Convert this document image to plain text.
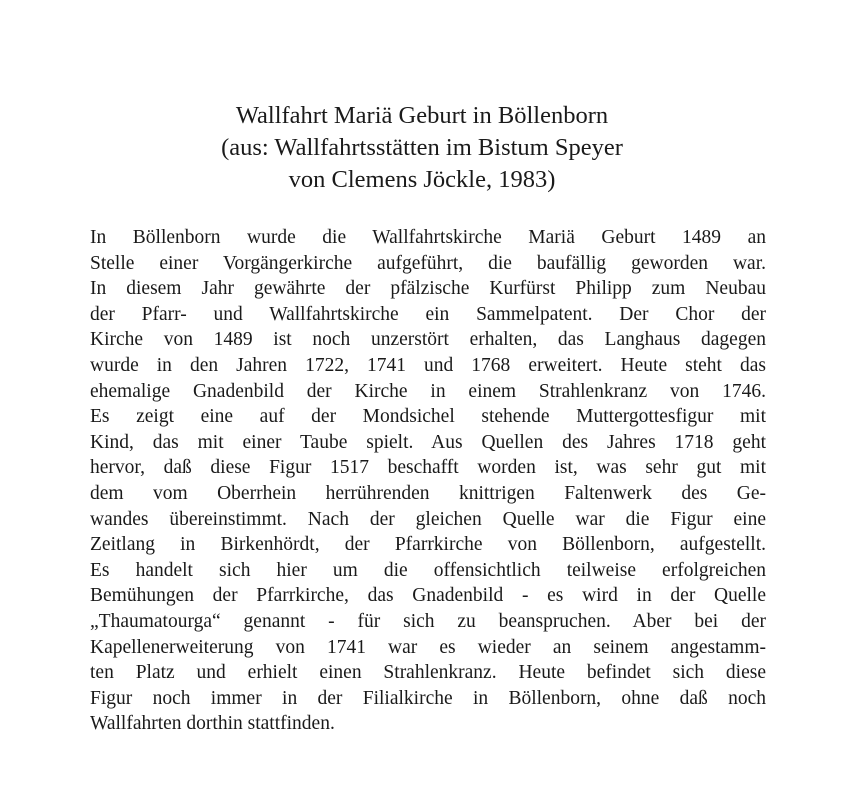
Wallfahrt Mariä Geburt in Böllenborn
(aus: Wallfahrtsstätten im Bistum Speyer
von Clemens Jöckle, 1983)
In Böllenborn wurde die Wallfahrtskirche Mariä Geburt 1489 an
Stelle einer Vorgängerkirche aufgeführt, die baufällig geworden war.
In diesem Jahr gewährte der pfälzische Kurfürst Philipp zum Neubau
der Pfarr- und Wallfahrtskirche ein Sammelpatent. Der Chor der
Kirche von 1489 ist noch unzerstört erhalten, das Langhaus dagegen
wurde in den Jahren 1722, 1741 und 1768 erweitert. Heute steht das
ehemalige Gnadenbild der Kirche in einem Strahlenkranz von 1746.
Es zeigt eine auf der Mondsichel stehende Muttergottesfigur mit
Kind, das mit einer Taube spielt. Aus Quellen des Jahres 1718 geht
hervor, daß diese Figur 1517 beschafft worden ist, was sehr gut mit
dem vom Oberrhein herrührenden knittrigen Faltenwerk des Ge-
wandes übereinstimmt. Nach der gleichen Quelle war die Figur eine
Zeitlang in Birkenhördt, der Pfarrkirche von Böllenborn, aufgestellt.
Es handelt sich hier um die offensichtlich teilweise erfolgreichen
Bemühungen der Pfarrkirche, das Gnadenbild - es wird in der Quelle
„Thaumatourga“ genannt - für sich zu beanspruchen. Aber bei der
Kapellenerweiterung von 1741 war es wieder an seinem angestamm-
ten Platz und erhielt einen Strahlenkranz. Heute befindet sich diese
Figur noch immer in der Filialkirche in Böllenborn, ohne daß noch
Wallfahrten dorthin stattfinden.
